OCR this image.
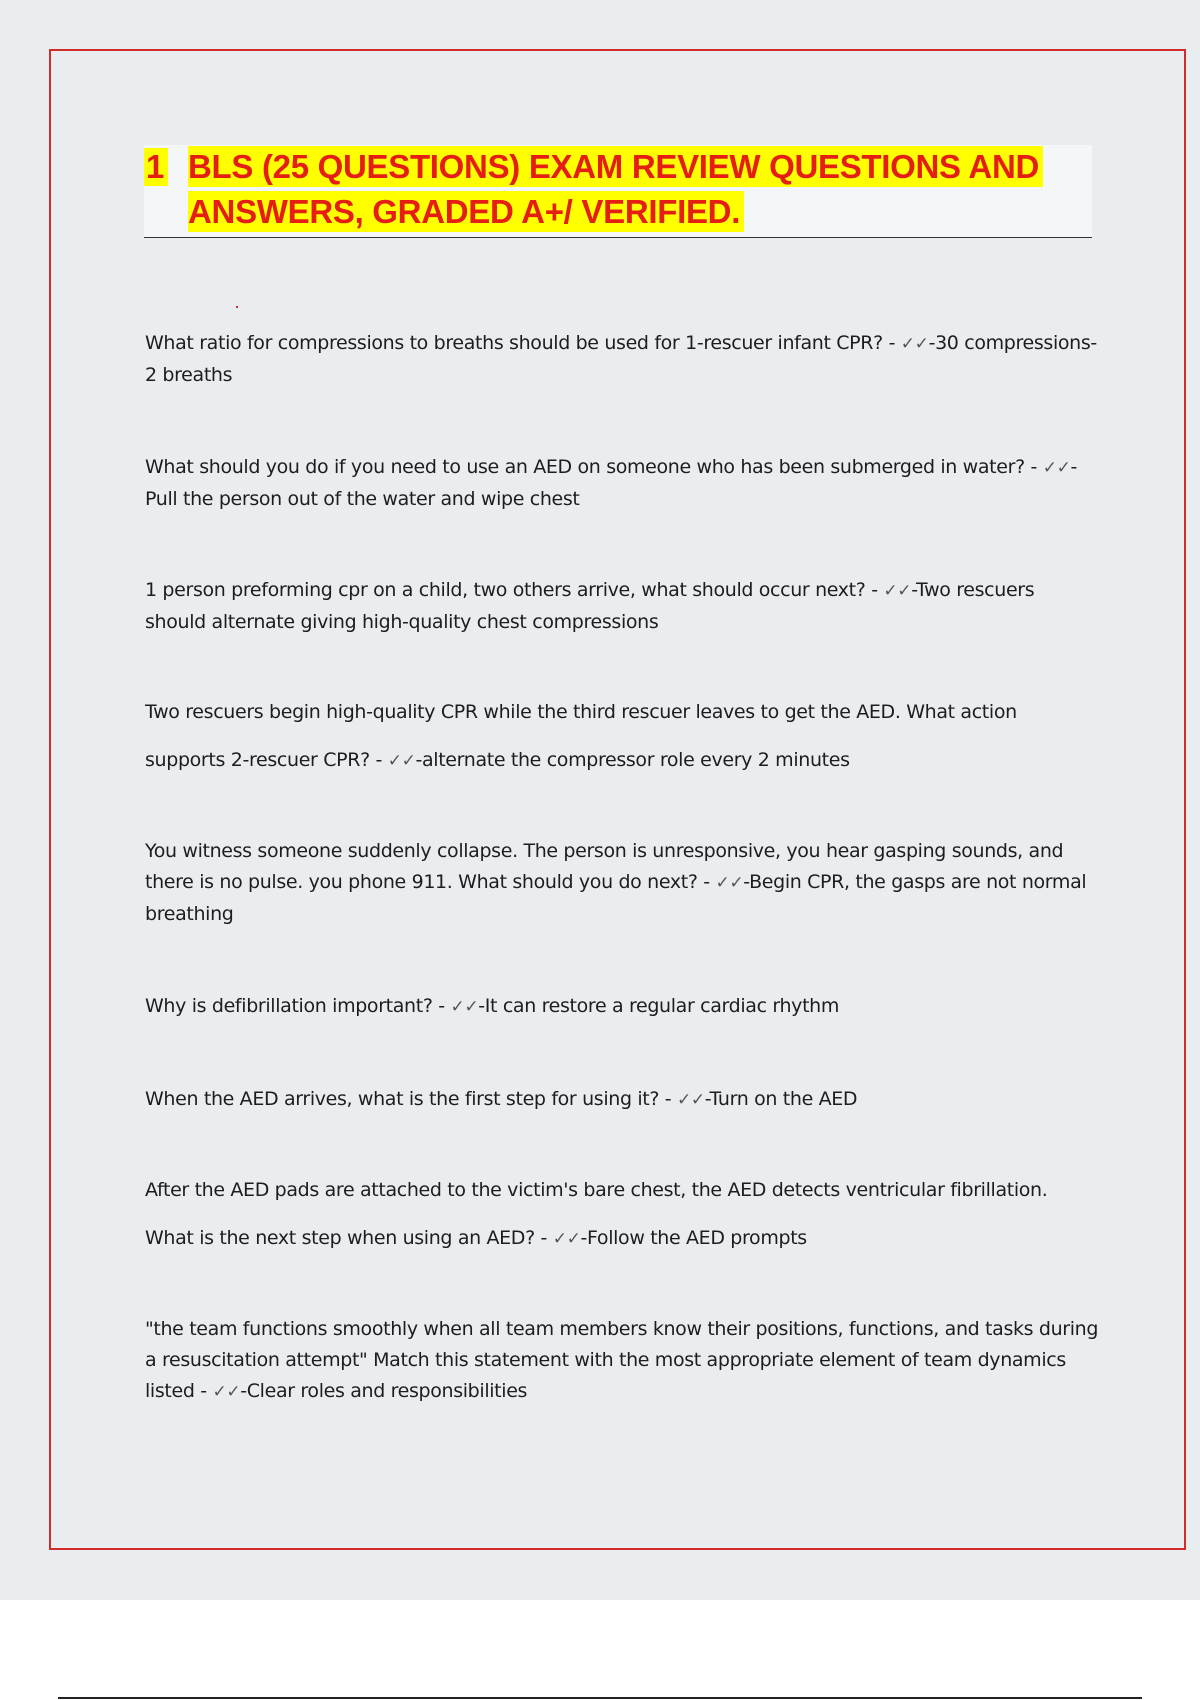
1 BLS (25 QUESTIONS) EXAM REVIEW QUESTIONS AND
ANSWERS, GRADED A+/ VERIFIED.
What ratio for compressions to breaths should be used for 1-rescuer infant CPR? - ✓✓-30 compressions-2 breaths
What should you do if you need to use an AED on someone who has been submerged in water? - ✓✓- Pull the person out of the water and wipe chest
1 person preforming cpr on a child, two others arrive, what should occur next? - ✓✓-Two rescuers should alternate giving high-quality chest compressions
Two rescuers begin high-quality CPR while the third rescuer leaves to get the AED. What action supports 2-rescuer CPR? - ✓✓-alternate the compressor role every 2 minutes
You witness someone suddenly collapse. The person is unresponsive, you hear gasping sounds, and there is no pulse. you phone 911. What should you do next? - ✓✓-Begin CPR, the gasps are not normal breathing
Why is defibrillation important? - ✓✓-It can restore a regular cardiac rhythm
When the AED arrives, what is the first step for using it? - ✓✓-Turn on the AED
After the AED pads are attached to the victim's bare chest, the AED detects ventricular fibrillation. What is the next step when using an AED? - ✓✓-Follow the AED prompts
"the team functions smoothly when all team members know their positions, functions, and tasks during a resuscitation attempt" Match this statement with the most appropriate element of team dynamics listed - ✓✓-Clear roles and responsibilities
